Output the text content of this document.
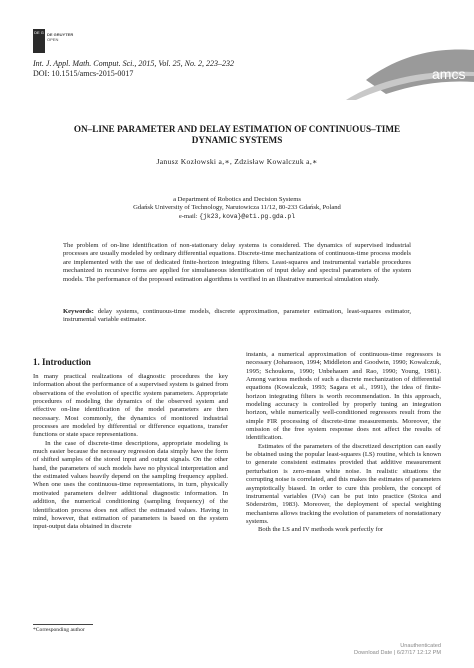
DE G DE GRUYTER
OPEN
Int. J. Appl. Math. Comput. Sci., 2015, Vol. 25, No. 2, 223–232
DOI: 10.1515/amcs-2015-0017	amcs
ON–LINE PARAMETER AND DELAY ESTIMATION OF CONTINUOUS–TIME
DYNAMIC SYSTEMS
Janusz Kozłowski a,∗, Zdzisław Kowalczuk a,∗
a Department of Robotics and Decision Systems
Gdańsk University of Technology, Narutowicza 11/12, 80-233 Gdańsk, Poland
e-mail: {jk23,kova}@eti.pg.gda.pl
The problem of on-line identification of non-stationary delay systems is considered. The dynamics of supervised industrial processes are usually modeled by ordinary differential equations. Discrete-time mechanizations of continuous-time process models are implemented with the use of dedicated finite-horizon integrating filters. Least-squares and instrumental variable procedures mechanized in recursive forms are applied for simultaneous identification of input delay and spectral parameters of the system models. The performance of the proposed estimation algorithms is verified in an illustrative numerical simulation study.
Keywords: delay systems, continuous-time models, discrete approximation, parameter estimation, least-squares estimator, instrumental variable estimator.
1. Introduction

In many practical realizations of diagnostic procedures the key information about the performance of a supervised system is gained from observations of the evolution of specific system parameters. Appropriate procedures of modeling the dynamics of the observed system and effective on-line identification of the model parameters are then necessary. Most commonly, the dynamics of monitored industrial processes are modeled by differential or difference equations, transfer functions or state space representations.

In the case of discrete-time descriptions, appropriate modeling is much easier because the necessary regression data simply have the form of shifted samples of the stored input and output signals. On the other hand, the parameters of such models have no physical interpretation and the estimated values heavily depend on the sampling frequency applied. When one uses the continuous-time representations, in turn, physically motivated parameters deliver additional diagnostic information. In addition, the numerical conditioning (sampling frequency) of the identification process does not affect the estimated values. Having in mind, however, that estimation of parameters is based on the system input-output data obtained in discrete

instants, a numerical approximation of continuous-time regressors is necessary (Johansson, 1994; Middleton and Goodwin, 1990; Kowalczuk, 1995; Schoukens, 1990; Unbehauen and Rao, 1990; Young, 1981). Among various methods of such a discrete mechanization of differential equations (Kowalczuk, 1993; Sagara et al., 1991), the idea of finite-horizon integrating filters is worth recommendation. In this approach, modeling accuracy is controlled by properly tuning an integration horizon, while numerically well-conditioned regressors result from the simple FIR processing of discrete-time measurements. Moreover, the omission of the free system response does not affect the results of identification.

Estimates of the parameters of the discretized description can easily be obtained using the popular least-squares (LS) routine, which is known to generate consistent estimates provided that additive measurement perturbation is zero-mean white noise. In realistic situations the corrupting noise is correlated, and this makes the estimates of parameters asymptotically biased. In order to cure this problem, the concept of instrumental variables (IVs) can be put into practice (Stoica and Söderström, 1983). Moreover, the deployment of special weighting mechanisms allows tracking the evolution of parameters of nonstationary systems.

Both the LS and IV methods work perfectly for

*Corresponding author
Unauthenticated
Download Date | 6/27/17 12:12 PM
